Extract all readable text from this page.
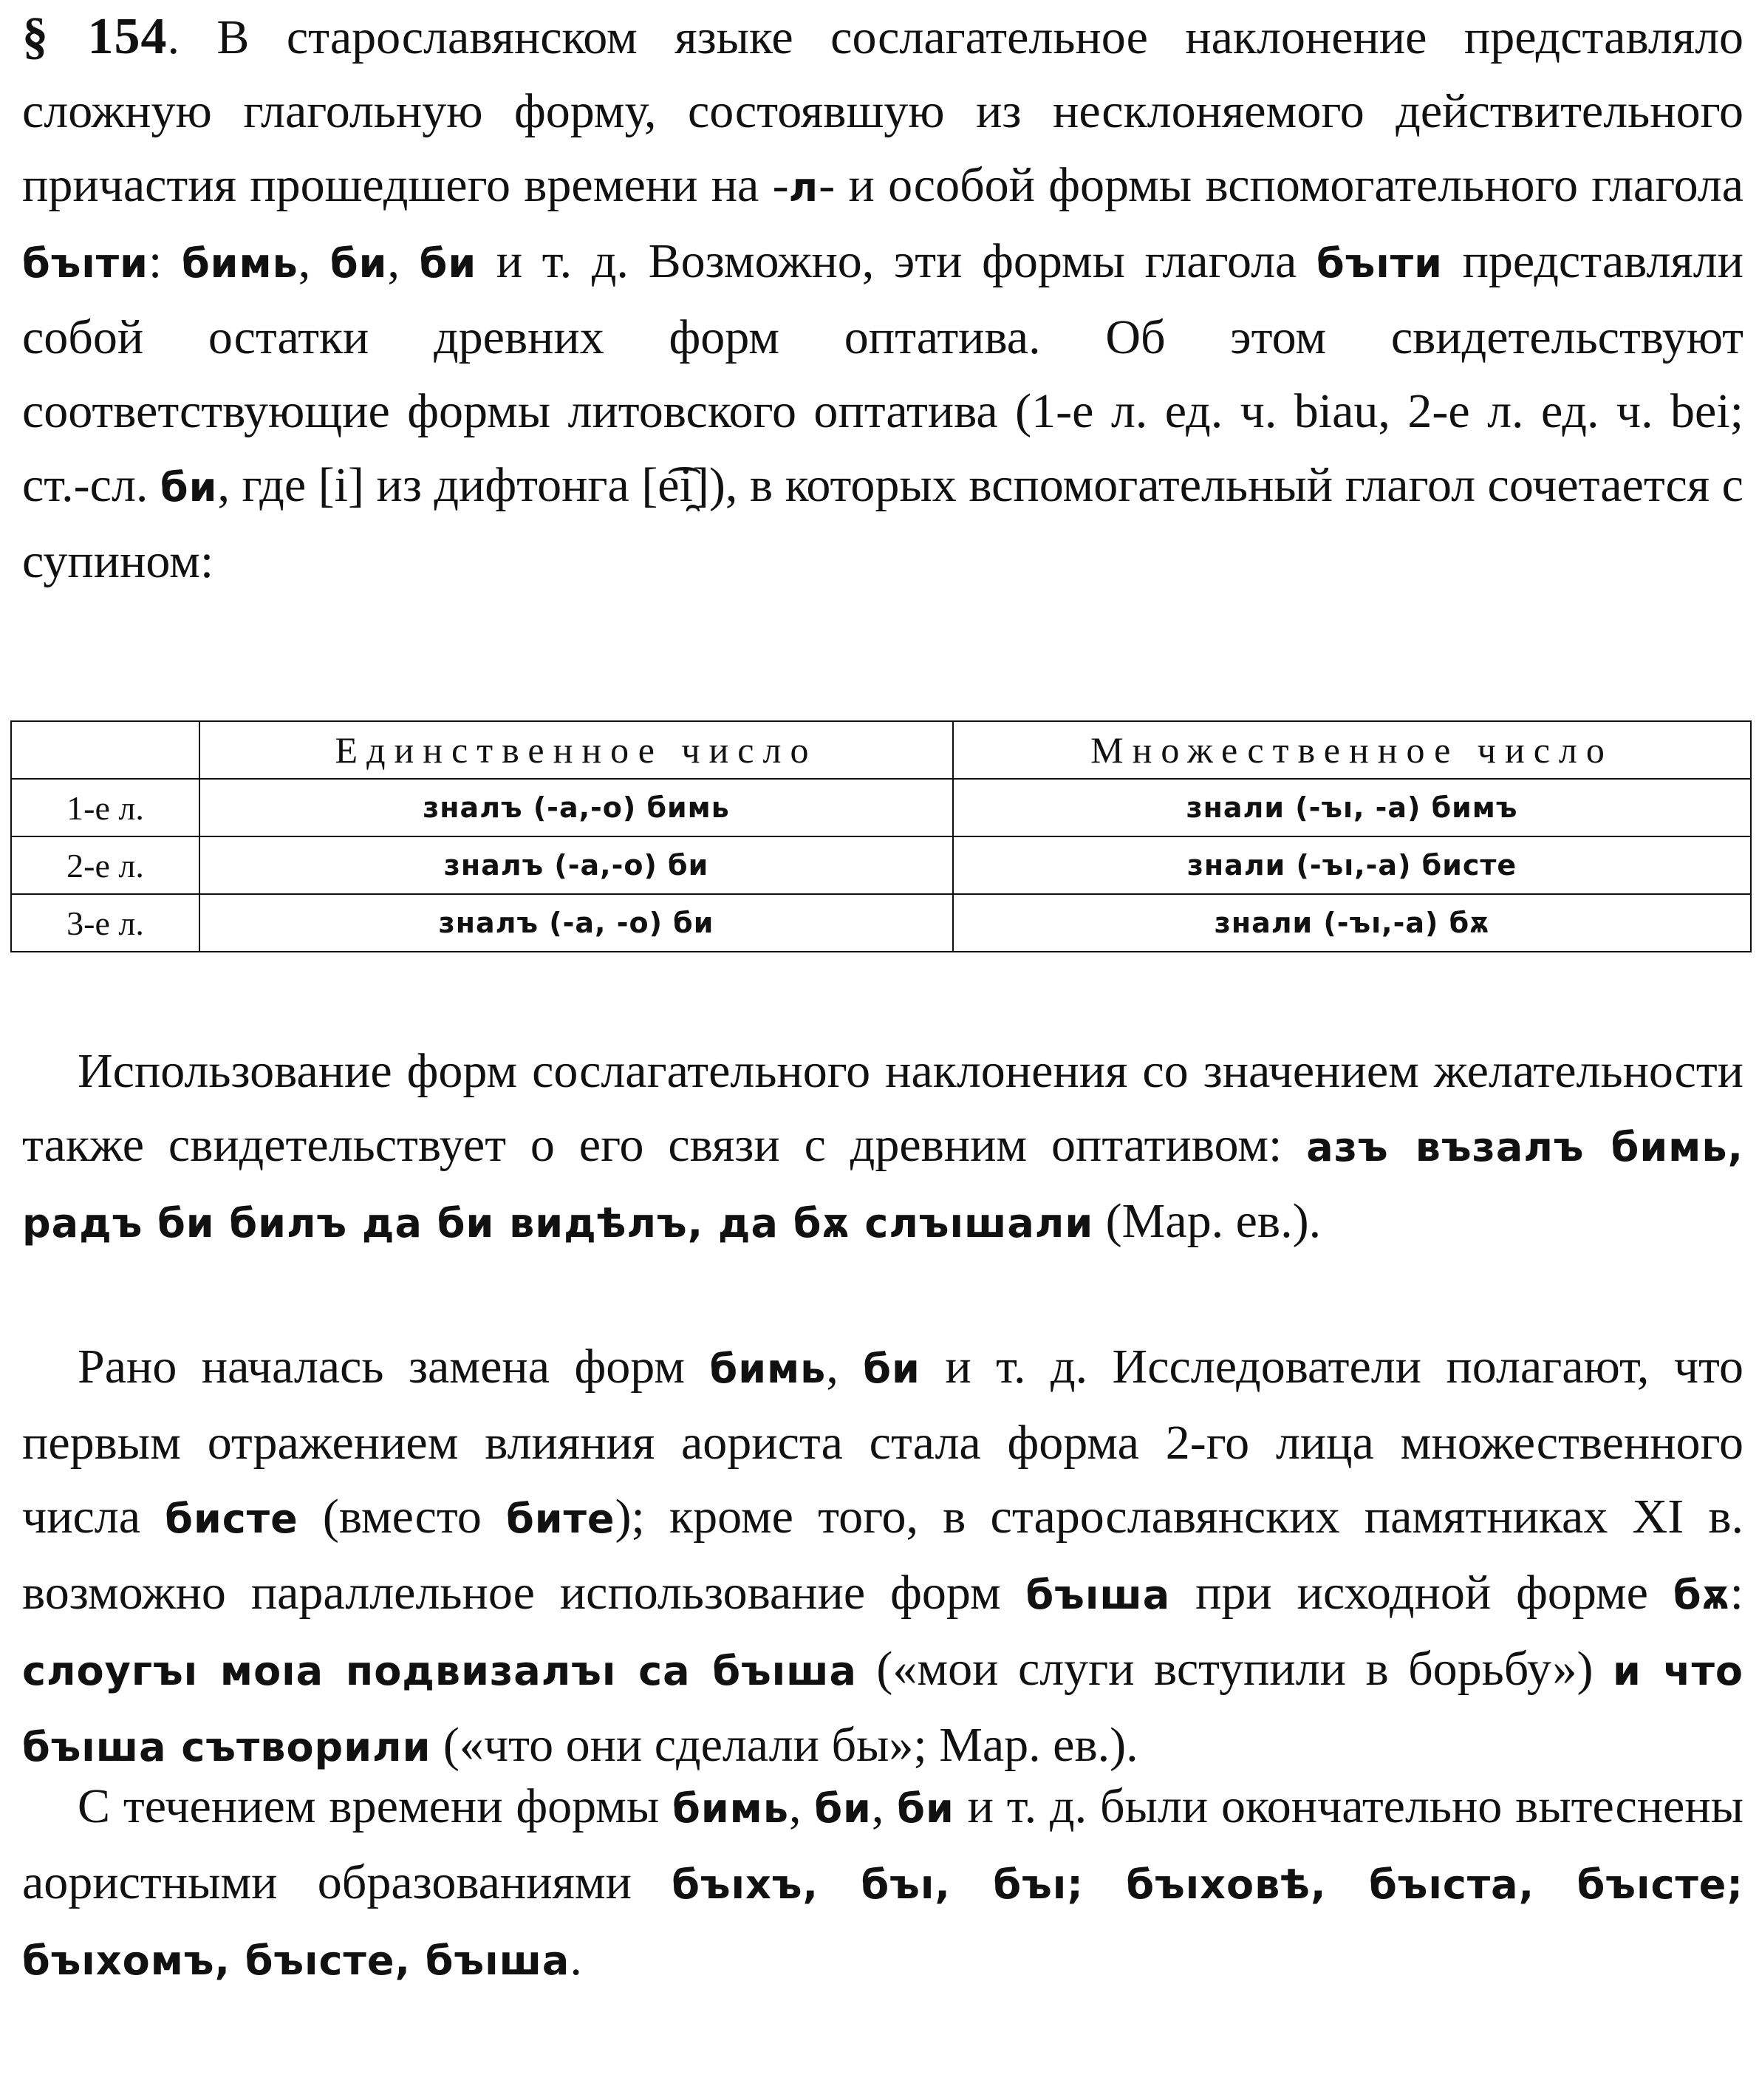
§ 154. В старославянском языке сослагательное наклонение представляло сложную глагольную форму, состоявшую из несклоняемого действительного причастия прошедшего времени на -л- и особой формы вспомогательного глагола бъıти: бимь, би, би и т. д. Возможно, эти формы глагола бъıти представляли собой остатки древних форм оптатива. Об этом свидетельствуют соответствующие формы литовского оптатива (1-е л. ед. ч. biau, 2-е л. ед. ч. bei; ст.-сл. би, где [i] из дифтонга [e͡i̯]), в которых вспомогательный глагол сочетается с супином:

	Единственное число	Множественное число
1-е л.	зналъ (-а,-о) бимь	знали (-ъı, -а) бимъ
2-е л.	зналъ (-а,-о) би	знали (-ъı,-а) бисте
3-е л.	зналъ (-а, -о) би	знали (-ъı,-а) бѫ

Использование форм сослагательного наклонения со значением желательности также свидетельствует о его связи с древним оптативом: азъ възалъ бимь, радъ би билъ да би видѣлъ, да бѫ слъıшали (Мар. ев.).

Рано началась замена форм бимь, би и т. д. Исследователи полагают, что первым отражением влияния аориста стала форма 2-го лица множественного числа бисте (вместо бите); кроме того, в старославянских памятниках XI в. возможно параллельное использование форм бъıша при исходной форме бѫ: слоугъı моıа подвизалъı са бъıша («мои слуги вступили в борьбу») и что бъıша сътворили («что они сделали бы»; Мар. ев.).

С течением времени формы бимь, би, би и т. д. были окончательно вытеснены аористными образованиями бъıхъ, бъı, бъı; бъıховѣ, бъıста, бъıсте; бъıхомъ, бъıсте, бъıша.
